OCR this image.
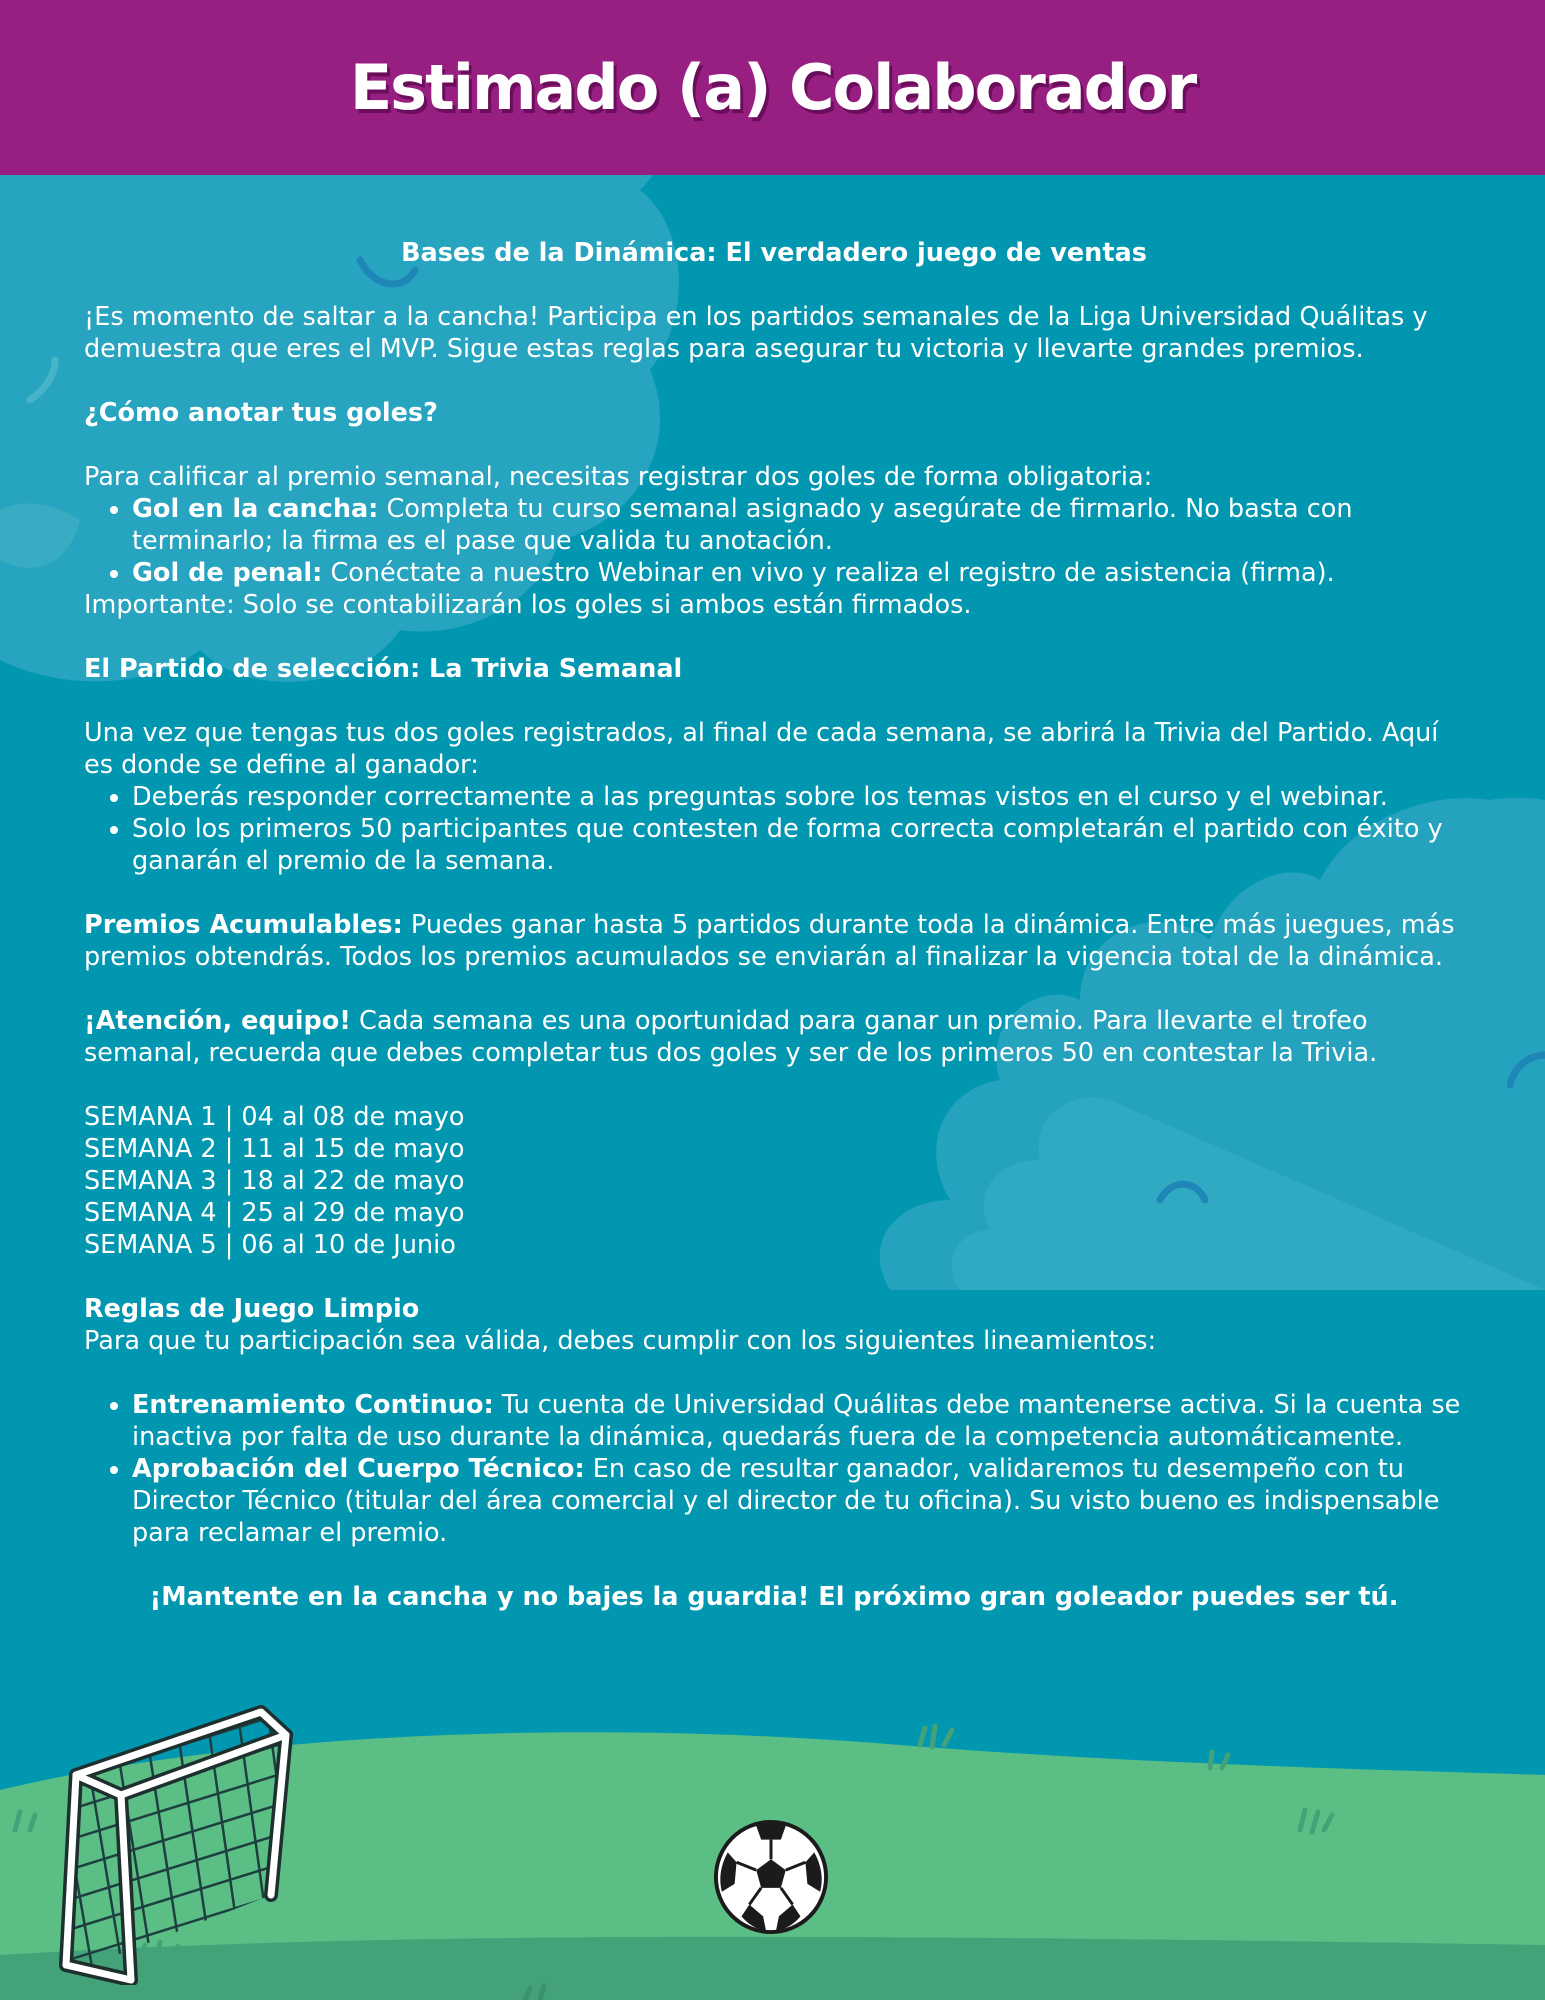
Estimado (a) Colaborador

Bases de la Dinámica: El verdadero juego de ventas

¡Es momento de saltar a la cancha! Participa en los partidos semanales de la Liga Universidad Quálitas y demuestra que eres el MVP. Sigue estas reglas para asegurar tu victoria y llevarte grandes premios.

¿Cómo anotar tus goles?

Para calificar al premio semanal, necesitas registrar dos goles de forma obligatoria:
• Gol en la cancha: Completa tu curso semanal asignado y asegúrate de firmarlo. No basta con terminarlo; la firma es el pase que valida tu anotación.
• Gol de penal: Conéctate a nuestro Webinar en vivo y realiza el registro de asistencia (firma).

Importante: Solo se contabilizarán los goles si ambos están firmados.

El Partido de selección: La Trivia Semanal

Una vez que tengas tus dos goles registrados, al final de cada semana, se abrirá la Trivia del Partido. Aquí es donde se define al ganador:
• Deberás responder correctamente a las preguntas sobre los temas vistos en el curso y el webinar.
• Solo los primeros 50 participantes que contesten de forma correcta completarán el partido con éxito y ganarán el premio de la semana.

Premios Acumulables: Puedes ganar hasta 5 partidos durante toda la dinámica. Entre más juegues, más premios obtendrás. Todos los premios acumulados se enviarán al finalizar la vigencia total de la dinámica.

¡Atención, equipo! Cada semana es una oportunidad para ganar un premio. Para llevarte el trofeo semanal, recuerda que debes completar tus dos goles y ser de los primeros 50 en contestar la Trivia.

SEMANA 1 | 04 al 08 de mayo
SEMANA 2 | 11 al 15 de mayo
SEMANA 3 | 18 al 22 de mayo
SEMANA 4 | 25 al 29 de mayo
SEMANA 5 | 06 al 10 de Junio
Reglas de Juego Limpio
Para que tu participación sea válida, debes cumplir con los siguientes lineamientos:
• Entrenamiento Continuo: Tu cuenta de Universidad Quálitas debe mantenerse activa. Si la cuenta se inactiva por falta de uso durante la dinámica, quedarás fuera de la competencia automáticamente.
• Aprobación del Cuerpo Técnico: En caso de resultar ganador, validaremos tu desempeño con tu Director Técnico (titular del área comercial y el director de tu oficina). Su visto bueno es indispensable para reclamar el premio.

¡Mantente en la cancha y no bajes la guardia! El próximo gran goleador puedes ser tú.
